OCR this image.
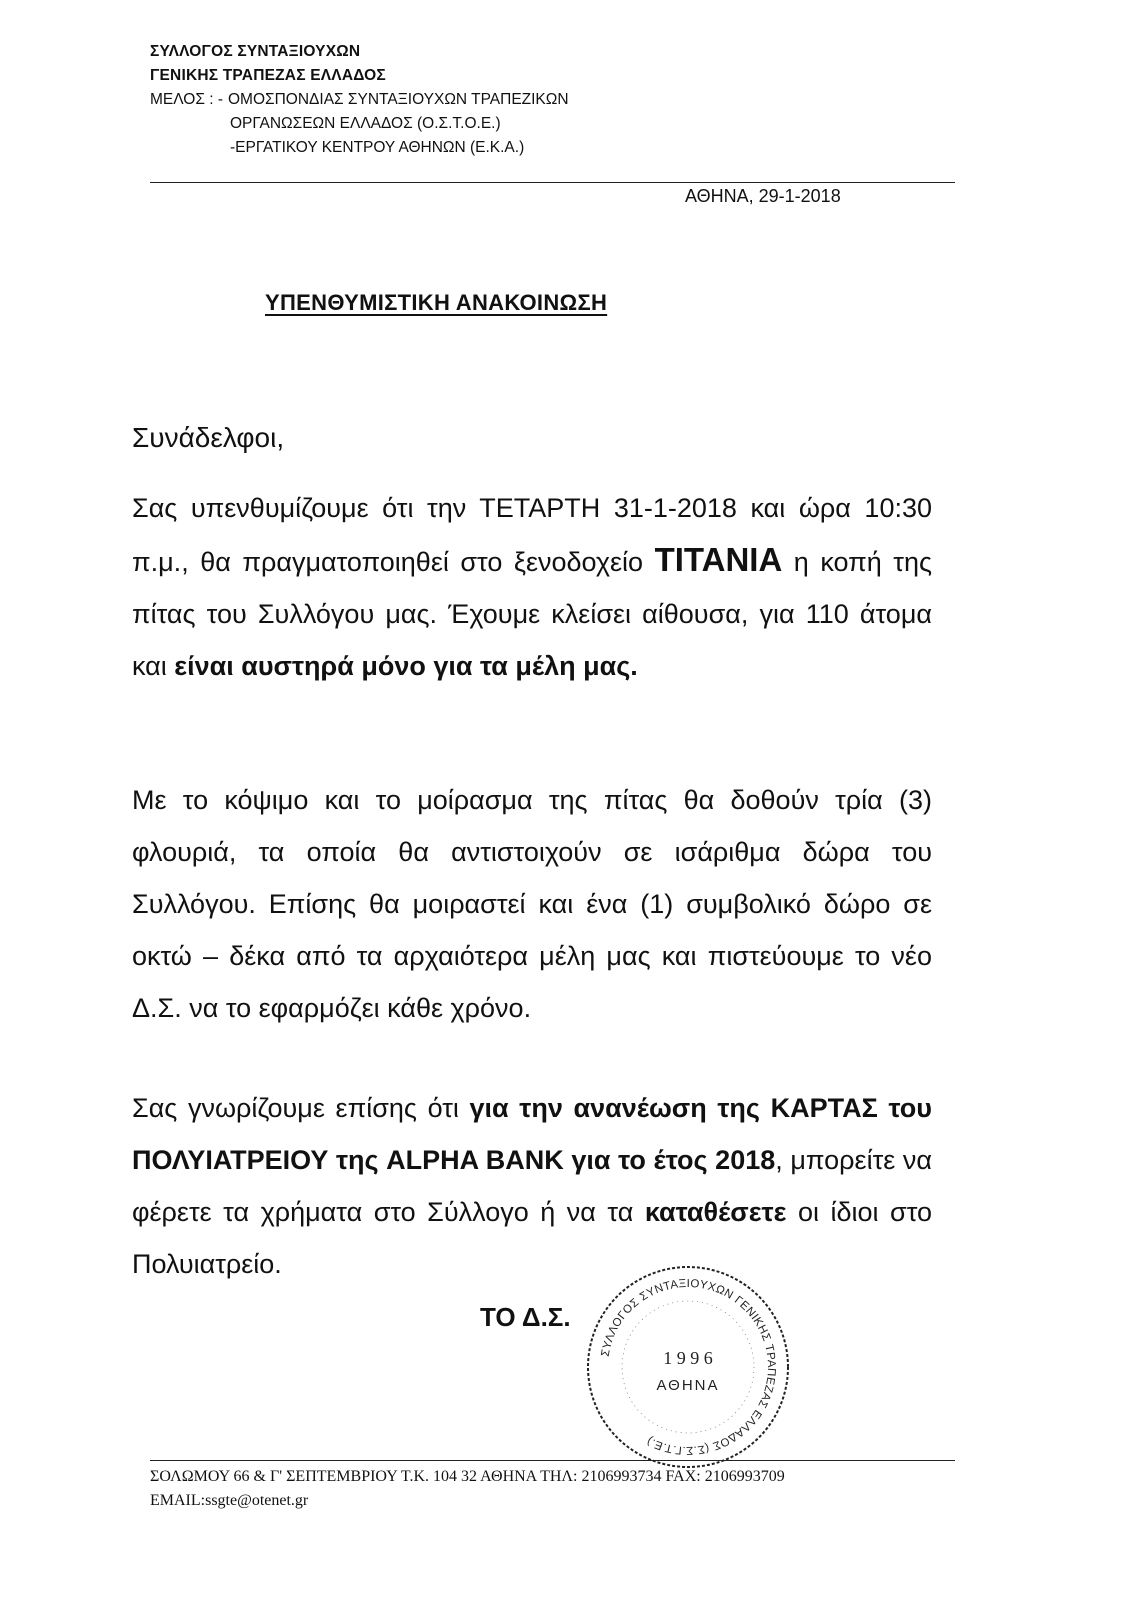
ΣΥΛΛΟΓΟΣ ΣΥΝΤΑΞΙΟΥΧΩΝ
ΓΕΝΙΚΗΣ ΤΡΑΠΕΖΑΣ ΕΛΛΑΔΟΣ
ΜΕΛΟΣ : - ΟΜΟΣΠΟΝΔΙΑΣ ΣΥΝΤΑΞΙΟΥΧΩΝ ΤΡΑΠΕΖΙΚΩΝ
ΟΡΓΑΝΩΣΕΩΝ ΕΛΛΑΔΟΣ (Ο.Σ.Τ.Ο.Ε.)
-ΕΡΓΑΤΙΚΟΥ ΚΕΝΤΡΟΥ ΑΘΗΝΩΝ (Ε.Κ.Α.)
ΑΘΗΝΑ, 29-1-2018
ΥΠΕΝΘΥΜΙΣΤΙΚΗ ΑΝΑΚΟΙΝΩΣΗ
Συνάδελφοι,
Σας υπενθυμίζουμε ότι την ΤΕΤΑΡΤΗ 31-1-2018 και ώρα 10:30 π.μ., θα πραγματοποιηθεί στο ξενοδοχείο ΤΙΤΑΝΙΑ η κοπή της πίτας του Συλλόγου μας. Έχουμε κλείσει αίθουσα, για 110 άτομα και είναι αυστηρά μόνο για τα μέλη μας.
Με το κόψιμο και το μοίρασμα της πίτας θα δοθούν τρία (3) φλουριά, τα οποία θα αντιστοιχούν σε ισάριθμα δώρα του Συλλόγου. Επίσης θα μοιραστεί και ένα (1) συμβολικό δώρο σε οκτώ – δέκα από τα αρχαιότερα μέλη μας και πιστεύουμε το νέο Δ.Σ. να το εφαρμόζει κάθε χρόνο.
Σας γνωρίζουμε επίσης ότι για την ανανέωση της ΚΑΡΤΑΣ του ΠΟΛΥΙΑΤΡΕΙΟΥ της ALPHA BANK για το έτος 2018, μπορείτε να φέρετε τα χρήματα στο Σύλλογο ή να τα καταθέσετε οι ίδιοι στο Πολυιατρείο.
ΤΟ Δ.Σ.
ΣΥΛΛΟΓΟΣ ΣΥΝΤΑΞΙΟΥΧΩΝ ΓΕΝΙΚΗΣ ΤΡΑΠΕΖΑΣ ΕΛΛΑΔΟΣ (Σ.Σ.Γ.Τ.Ε.)
1 9 9 6
ΑΘΗΝΑ
ΣΟΛΩΜΟΥ 66 & Γ' ΣΕΠΤΕΜΒΡΙΟΥ Τ.Κ. 104 32 ΑΘΗΝΑ ΤΗΛ: 2106993734 FAX: 2106993709
EMAIL:ssgte@otenet.gr
